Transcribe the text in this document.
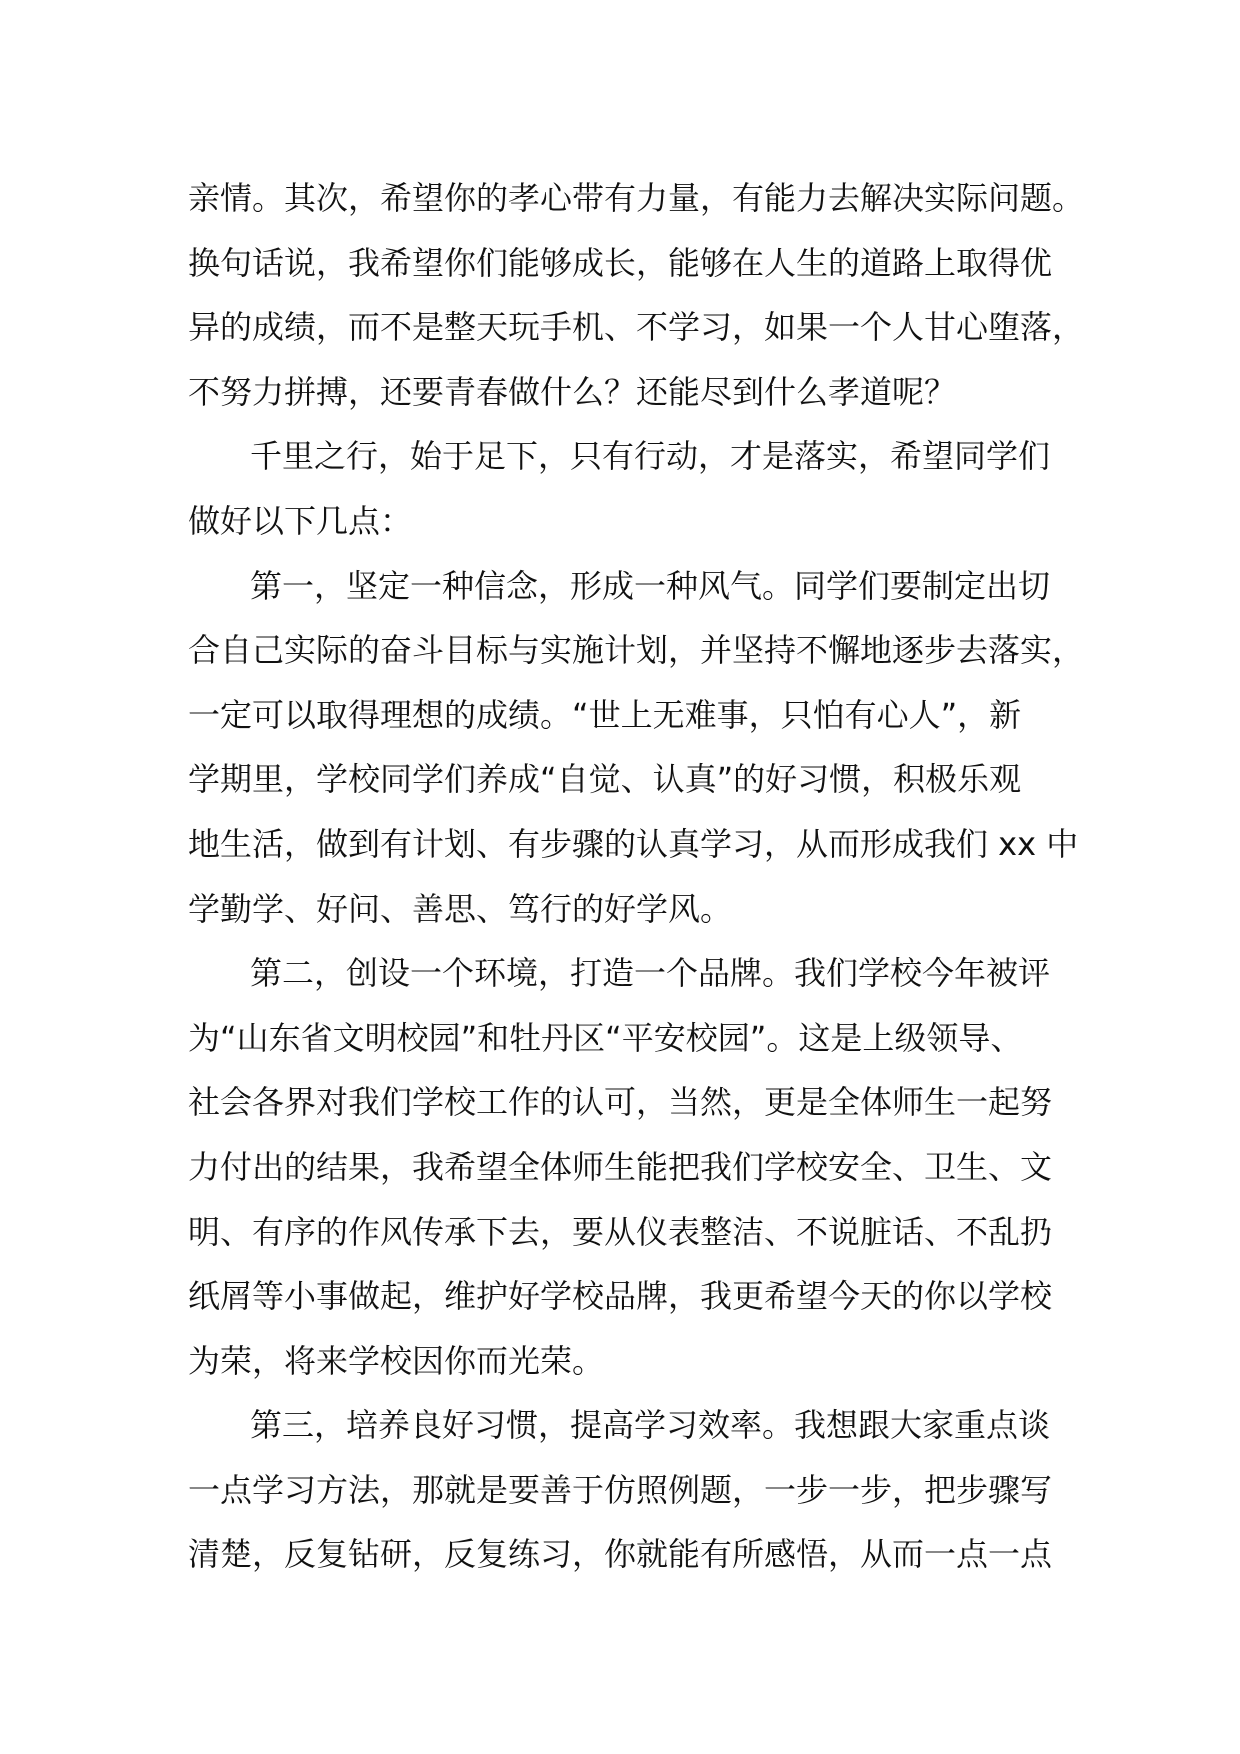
亲情。其次，希望你的孝心带有力量，有能力去解决实际问题。
换句话说，我希望你们能够成长，能够在人生的道路上取得优
异的成绩，而不是整天玩手机、不学习，如果一个人甘心堕落，
不努力拼搏，还要青春做什么？还能尽到什么孝道呢？
千里之行，始于足下，只有行动，才是落实，希望同学们
做好以下几点：
第一，坚定一种信念，形成一种风气。同学们要制定出切
合自己实际的奋斗目标与实施计划，并坚持不懈地逐步去落实，
一定可以取得理想的成绩。“世上无难事，只怕有心人”，新
学期里，学校同学们养成“自觉、认真”的好习惯，积极乐观
地生活，做到有计划、有步骤的认真学习，从而形成我们 xx 中
学勤学、好问、善思、笃行的好学风。
第二，创设一个环境，打造一个品牌。我们学校今年被评
为“山东省文明校园”和牡丹区“平安校园”。这是上级领导、
社会各界对我们学校工作的认可，当然，更是全体师生一起努
力付出的结果，我希望全体师生能把我们学校安全、卫生、文
明、有序的作风传承下去，要从仪表整洁、不说脏话、不乱扔
纸屑等小事做起，维护好学校品牌，我更希望今天的你以学校
为荣，将来学校因你而光荣。
第三，培养良好习惯，提高学习效率。我想跟大家重点谈
一点学习方法，那就是要善于仿照例题，一步一步，把步骤写
清楚，反复钻研，反复练习，你就能有所感悟，从而一点一点
